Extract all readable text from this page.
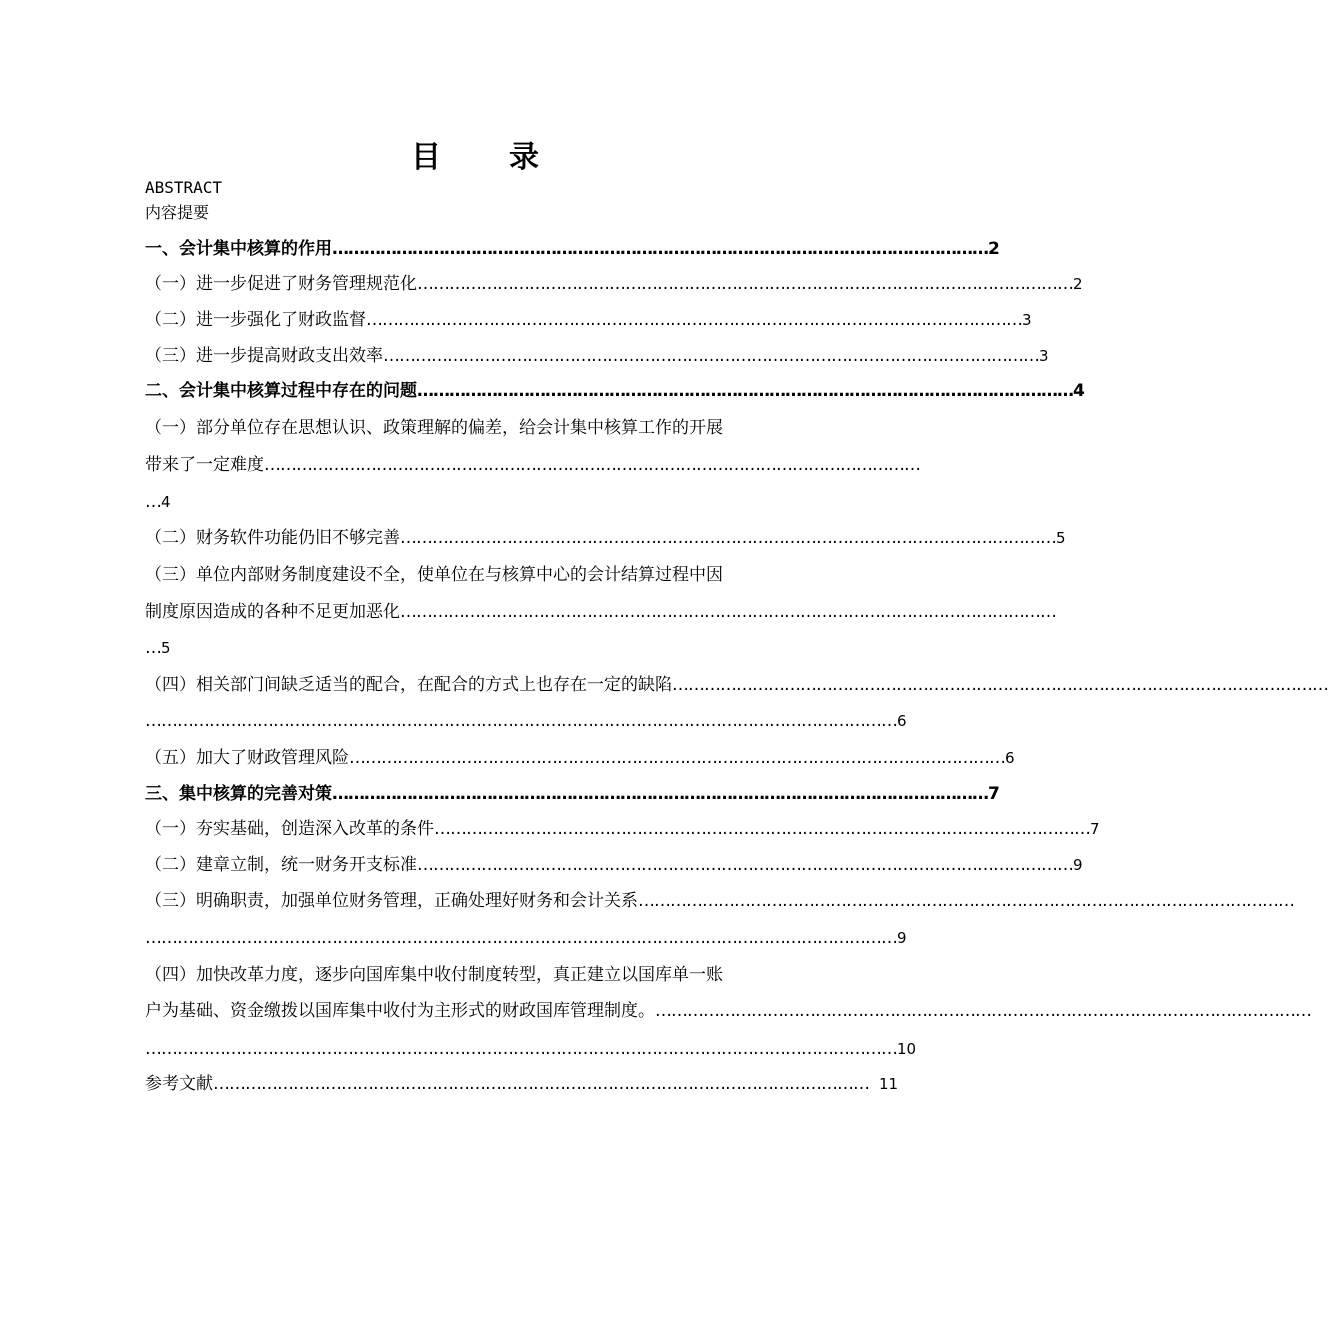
目 录
ABSTRACT
内容提要
一、会计集中核算的作用 …………………………………………………………………………………………………………… 2
（一）进一步促进了财务管理规范化 …………………………………………………………………………………………………………… 2
（二）进一步强化了财政监督 …………………………………………………………………………………………………………… 3
（三）进一步提高财政支出效率 …………………………………………………………………………………………………………… 3
二、会计集中核算过程中存在的问题 …………………………………………………………………………………………………………… 4
（一）部分单位存在思想认识、政策理解的偏差，给会计集中核算工作的开展
带来了一定难度 ……………………………………………………………………………………………………………
… 4
（二）财务软件功能仍旧不够完善 …………………………………………………………………………………………………………… 5
（三）单位内部财务制度建设不全，使单位在与核算中心的会计结算过程中因
制度原因造成的各种不足更加恶化 ……………………………………………………………………………………………………………
… 5
（四）相关部门间缺乏适当的配合，在配合的方式上也存在一定的缺陷 ……………………………………………………………………………………………………………
…………………………………………………………………………………………………………………………… 6
（五）加大了财政管理风险 …………………………………………………………………………………………………………… 6
三、集中核算的完善对策 …………………………………………………………………………………………………………… 7
（一）夯实基础，创造深入改革的条件 …………………………………………………………………………………………………………… 7
（二）建章立制，统一财务开支标准 …………………………………………………………………………………………………………… 9
（三）明确职责，加强单位财务管理，正确处理好财务和会计关系 ……………………………………………………………………………………………………………
…………………………………………………………………………………………………………………………… 9
（四）加快改革力度，逐步向国库集中收付制度转型，真正建立以国库单一账
户为基础、资金缴拨以国库集中收付为主形式的财政国库管理制度。 ……………………………………………………………………………………………………………
…………………………………………………………………………………………………………………………… 10
参考文献 …………………………………………………………………………………………………………… 11
